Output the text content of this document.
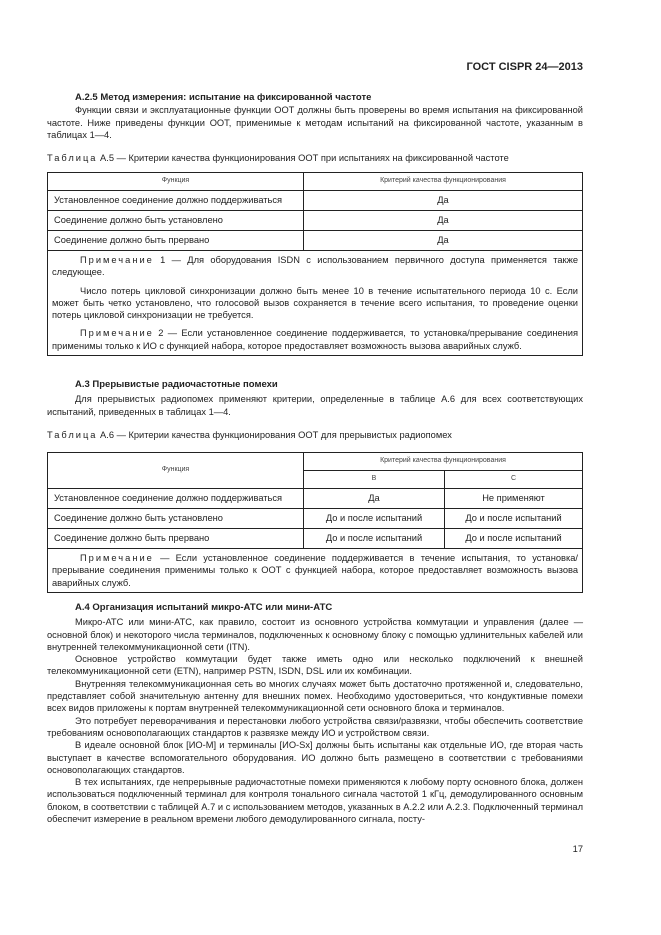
ГОСТ CISPR 24—2013
А.2.5 Метод измерения: испытание на фиксированной частоте

Функции связи и эксплуатационные функции ООТ должны быть проверены во время испытания на фиксированной частоте. Ниже приведены функции ООТ, применимые к методам испытаний на фиксированной частоте, указанным в таблицах 1—4.

Таблица А.5 — Критерии качества функционирования ООТ при испытаниях на фиксированной частоте
Функция	Критерий качества функционирования
Установленное соединение должно поддерживаться	Да
Соединение должно быть установлено	Да
Соединение должно быть прервано	Да

Примечание 1 — Для оборудования ISDN с использованием первичного доступа применяется также следующее.

Число потерь цикловой синхронизации должно быть менее 10 в течение испытательного периода 10 с. Если может быть четко установлено, что голосовой вызов сохраняется в течение всего испытания, то проведение оценки потерь цикловой синхронизации не требуется.

Примечание 2 — Если установленное соединение поддерживается, то установка/прерывание соединения применимы только к ИО с функцией набора, которое предоставляет возможность вызова аварийных служб.	

А.3 Прерывистые радиочастотные помехи

Для прерывистых радиопомех применяют критерии, определенные в таблице А.6 для всех соответствующих испытаний, приведенных в таблицах 1—4.

Таблица А.6 — Критерии качества функционирования ООТ для прерывистых радиопомех
Функция	Критерий качества функционирования	
	B	C
Установленное соединение должно поддерживаться	Да	Не применяют
Соединение должно быть установлено	До и после испытаний	До и после испытаний
Соединение должно быть прервано	До и после испытаний	До и после испытаний

Примечание — Если установленное соединение поддерживается в течение испытания, то установка/прерывание соединения применимы только к ООТ с функцией набора, которое предоставляет возможность вызова аварийных служб.		

А.4 Организация испытаний микро-АТС или мини-АТС

Микро-АТС или мини-АТС, как правило, состоит из основного устройства коммутации и управления (далее — основной блок) и некоторого числа терминалов, подключенных к основному блоку с помощью удлинительных кабелей или внутренней телекоммуникационной сети (ITN).

Основное устройство коммутации будет также иметь одно или несколько подключений к внешней телекоммуникационной сети (ETN), например PSTN, ISDN, DSL или их комбинации.

Внутренняя телекоммуникационная сеть во многих случаях может быть достаточно протяженной и, следовательно, представляет собой значительную антенну для внешних помех. Необходимо удостовериться, что кондуктивные помехи всех видов приложены к портам внутренней телекоммуникационной сети основного блока и терминалов.

Это потребует переворачивания и перестановки любого устройства связи/развязки, чтобы обеспечить соответствие требованиям основополагающих стандартов к развязке между ИО и устройством связи.

В идеале основной блок [ИО-М] и терминалы [ИО-Sx] должны быть испытаны как отдельные ИО, где вторая часть выступает в качестве вспомогательного оборудования. ИО должно быть размещено в соответствии с требованиями основополагающих стандартов.

В тех испытаниях, где непрерывные радиочастотные помехи применяются к любому порту основного блока, должен использоваться подключенный терминал для контроля тонального сигнала частотой 1 кГц, демодулированного основным блоком, в соответствии с таблицей А.7 и с использованием методов, указанных в А.2.2 или А.2.3. Подключенный терминал обеспечит измерение в реальном времени любого демодулированного сигнала, посту-

17
